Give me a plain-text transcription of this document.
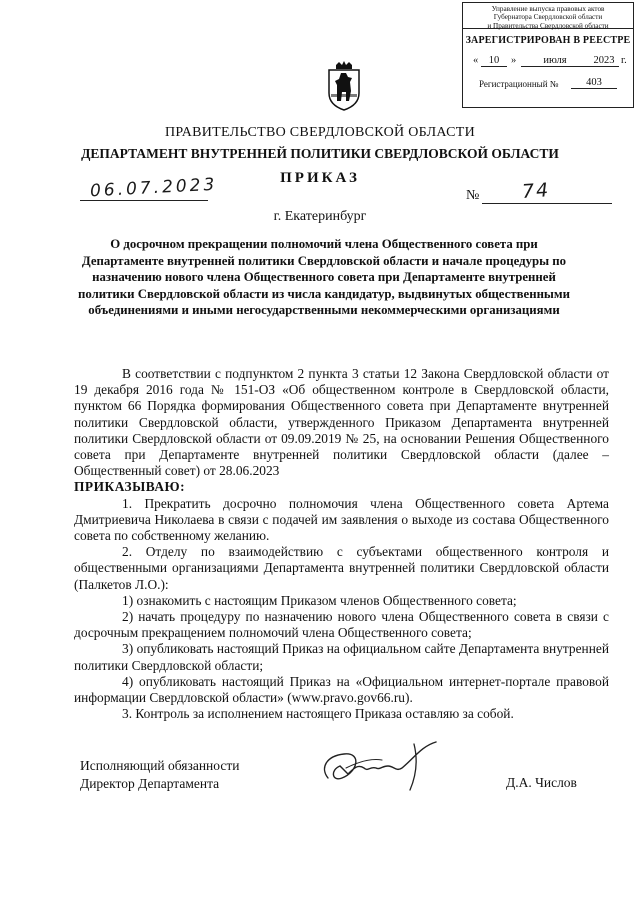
Управление выпуска правовых актов
Губернатора Свердловской области
и Правительства Свердловской области
ЗАРЕГИСТРИРОВАН В РЕЕСТРЕ
«	10	»	июля	2023 г.
Регистрационный №	403
ПРАВИТЕЛЬСТВО СВЕРДЛОВСКОЙ ОБЛАСТИ
ДЕПАРТАМЕНТ ВНУТРЕННЕЙ ПОЛИТИКИ СВЕРДЛОВСКОЙ ОБЛАСТИ
ПРИКАЗ
06.07.2023	№ 74
г. Екатеринбург
О досрочном прекращении полномочий члена Общественного совета при Департаменте внутренней политики Свердловской области и начале процедуры по назначению нового члена Общественного совета при Департаменте внутренней политики Свердловской области из числа кандидатур, выдвинутых общественными объединениями и иными негосударственными некоммерческими организациями

В соответствии с подпунктом 2 пункта 3 статьи 12 Закона Свердловской области от 19 декабря 2016 года № 151-ОЗ «Об общественном контроле в Свердловской области, пунктом 66 Порядка формирования Общественного совета при Департаменте внутренней политики Свердловской области, утвержденного Приказом Департамента внутренней политики Свердловской области от 09.09.2019 № 25, на основании Решения Общественного совета при Департаменте внутренней политики Свердловской области (далее – Общественный совет) от 28.06.2023

ПРИКАЗЫВАЮ:

1. Прекратить досрочно полномочия члена Общественного совета Артема Дмитриевича Николаева в связи с подачей им заявления о выходе из состава Общественного совета по собственному желанию.

2. Отделу по взаимодействию с субъектами общественного контроля и общественными организациями Департамента внутренней политики Свердловской области (Палкетов Л.О.):

1) ознакомить с настоящим Приказом членов Общественного совета;

2) начать процедуру по назначению нового члена Общественного совета в связи с досрочным прекращением полномочий члена Общественного совета;

3) опубликовать настоящий Приказ на официальном сайте Департамента внутренней политики Свердловской области;

4) опубликовать настоящий Приказ на «Официальном интернет-портале правовой информации Свердловской области» (www.pravo.gov66.ru).

3. Контроль за исполнением настоящего Приказа оставляю за собой.

Исполняющий обязанности
Директор Департамента	Д.А. Числов
